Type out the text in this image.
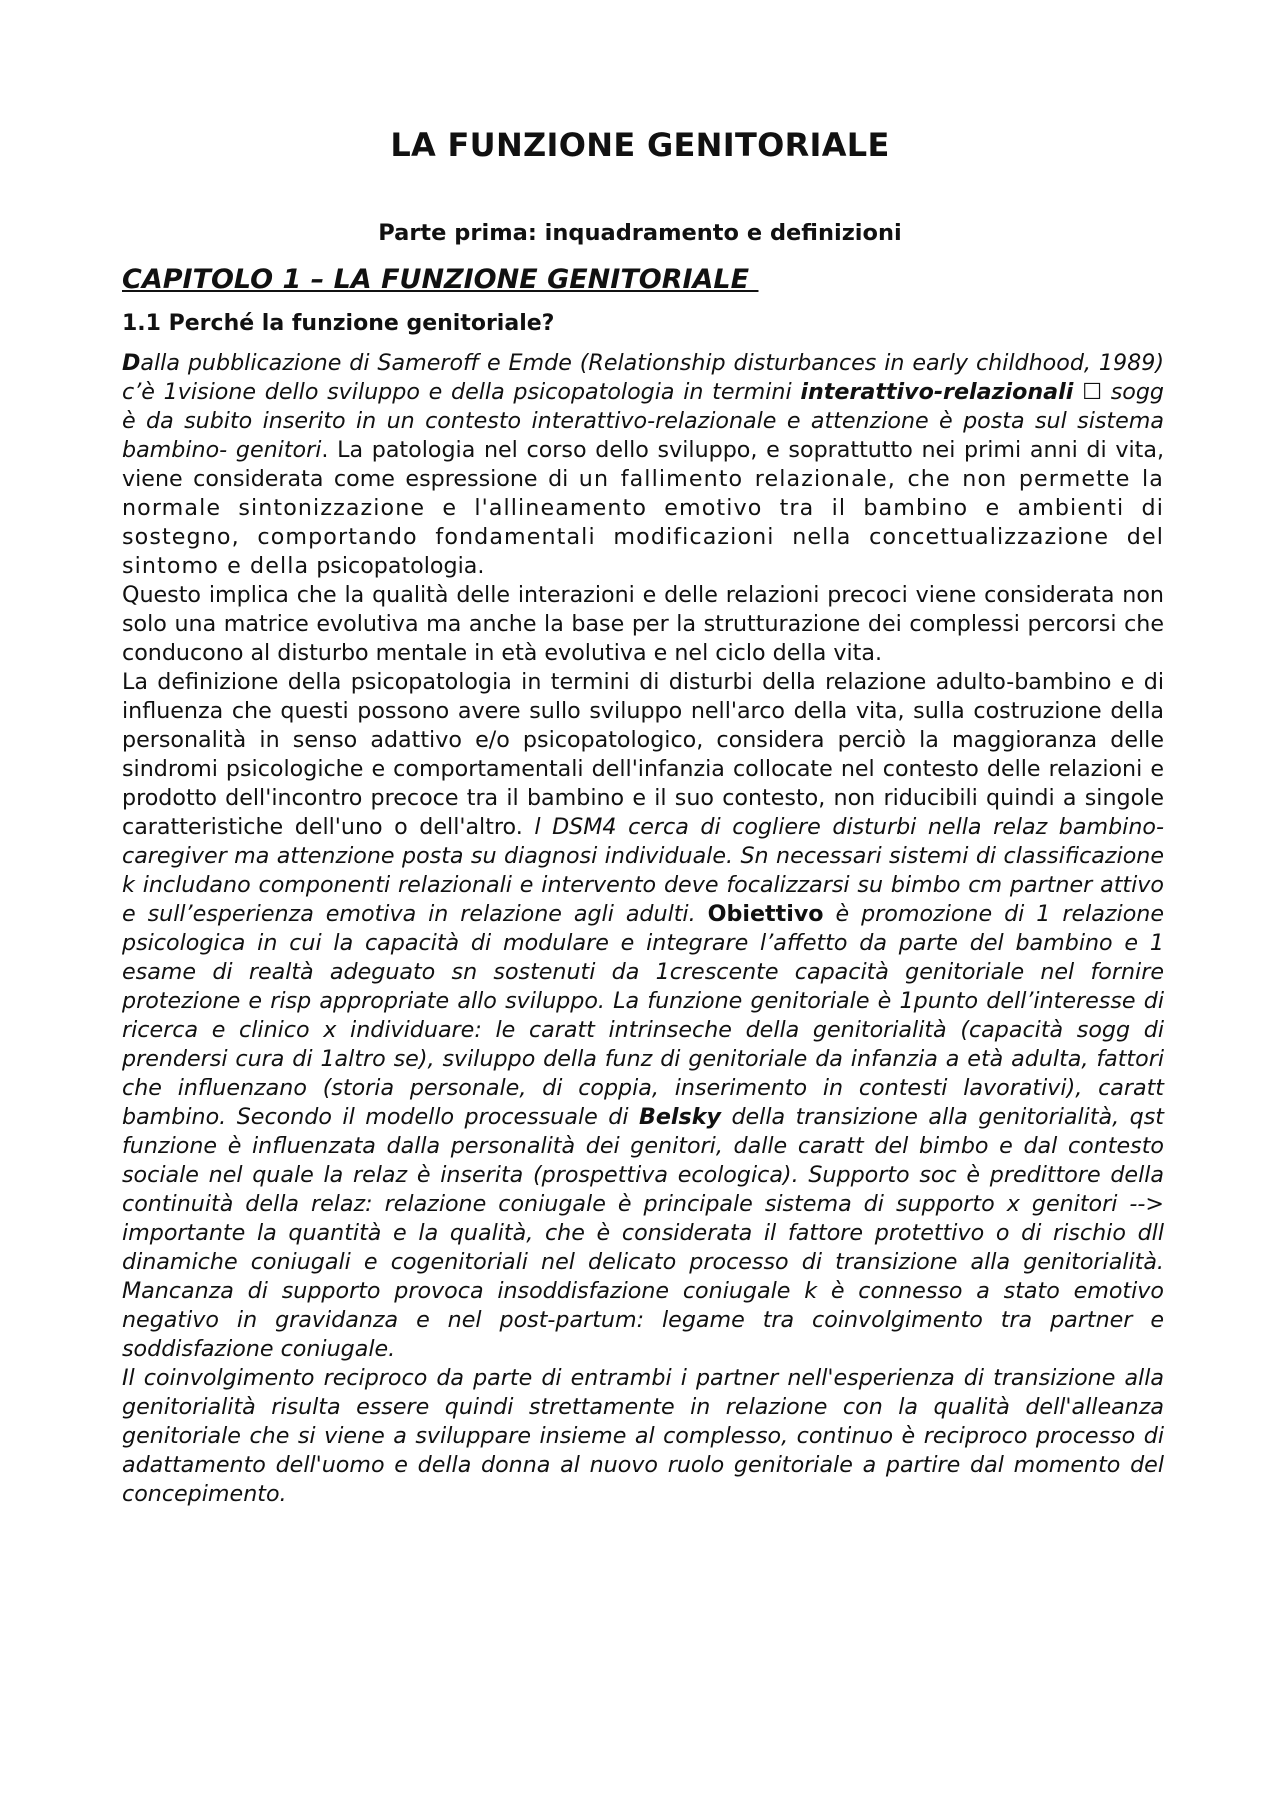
LA FUNZIONE GENITORIALE
Parte prima: inquadramento e definizioni
CAPITOLO 1 – LA FUNZIONE GENITORIALE
1.1 Perché la funzione genitoriale?

Dalla pubblicazione di Sameroff e Emde (Relationship disturbances in early childhood, 1989) c’è 1visione dello sviluppo e della psicopatologia in termini interattivo-relazionali ☐ sogg è da subito inserito in un contesto interattivo-relazionale e attenzione è posta sul sistema bambino- genitori. La patologia nel corso dello sviluppo, e soprattutto nei primi anni di vita, viene considerata come espressione di un fallimento relazionale, che non permette la normale sintonizzazione e l'allineamento emotivo tra il bambino e ambienti di sostegno, comportando fondamentali modificazioni nella concettualizzazione del sintomo e della psicopatologia.

Questo implica che la qualità delle interazioni e delle relazioni precoci viene considerata non solo una matrice evolutiva ma anche la base per la strutturazione dei complessi percorsi che conducono al disturbo mentale in età evolutiva e nel ciclo della vita.

La definizione della psicopatologia in termini di disturbi della relazione adulto-bambino e di influenza che questi possono avere sullo sviluppo nell'arco della vita, sulla costruzione della personalità in senso adattivo e/o psicopatologico, considera perciò la maggioranza delle sindromi psicologiche e comportamentali dell'infanzia collocate nel contesto delle relazioni e prodotto dell'incontro precoce tra il bambino e il suo contesto, non riducibili quindi a singole caratteristiche dell'uno o dell'altro. l DSM4 cerca di cogliere disturbi nella relaz bambino-caregiver ma attenzione posta su diagnosi individuale. Sn necessari sistemi di classificazione k includano componenti relazionali e intervento deve focalizzarsi su bimbo cm partner attivo e sull’esperienza emotiva in relazione agli adulti. Obiettivo è promozione di 1 relazione psicologica in cui la capacità di modulare e integrare l’affetto da parte del bambino e 1 esame di realtà adeguato sn sostenuti da 1crescente capacità genitoriale nel fornire protezione e risp appropriate allo sviluppo. La funzione genitoriale è 1punto dell’interesse di ricerca e clinico x individuare: le caratt intrinseche della genitorialità (capacità sogg di prendersi cura di 1altro se), sviluppo della funz di genitoriale da infanzia a età adulta, fattori che influenzano (storia personale, di coppia, inserimento in contesti lavorativi), caratt bambino. Secondo il modello processuale di Belsky della transizione alla genitorialità, qst funzione è influenzata dalla personalità dei genitori, dalle caratt del bimbo e dal contesto sociale nel quale la relaz è inserita (prospettiva ecologica). Supporto soc è predittore della continuità della relaz: relazione coniugale è principale sistema di supporto x genitori --> importante la quantità e la qualità, che è considerata il fattore protettivo o di rischio dll dinamiche coniugali e cogenitoriali nel delicato processo di transizione alla genitorialità. Mancanza di supporto provoca insoddisfazione coniugale k è connesso a stato emotivo negativo in gravidanza e nel post-partum: legame tra coinvolgimento tra partner e soddisfazione coniugale.

Il coinvolgimento reciproco da parte di entrambi i partner nell'esperienza di transizione alla genitorialità risulta essere quindi strettamente in relazione con la qualità dell'alleanza genitoriale che si viene a sviluppare insieme al complesso, continuo è reciproco processo di adattamento dell'uomo e della donna al nuovo ruolo genitoriale a partire dal momento del concepimento.
